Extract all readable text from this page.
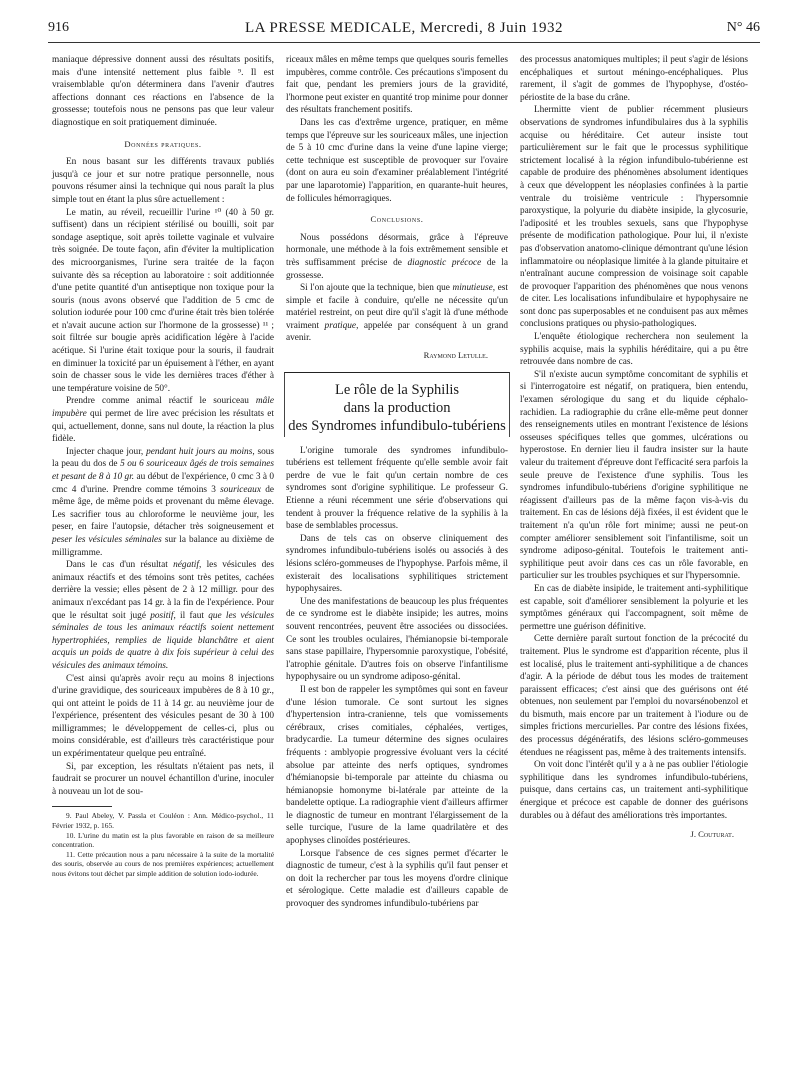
916	LA PRESSE MEDICALE, Mercredi, 8 Juin 1932	N° 46

maniaque dépressive donnent aussi des résultats positifs, mais d'une intensité nettement plus faible ⁹. Il est vraisemblable qu'on déterminera dans l'avenir d'autres affections donnant ces réactions en l'absence de la grossesse; toutefois nous ne pensons pas que leur valeur diagnostique en soit pratiquement diminuée.

Données pratiques.

En nous basant sur les différents travaux publiés jusqu'à ce jour et sur notre pratique personnelle, nous pouvons résumer ainsi la technique qui nous paraît la plus simple tout en étant la plus sûre actuellement :

Le matin, au réveil, recueillir l'urine ¹⁰ (40 à 50 gr. suffisent) dans un récipient stérilisé ou bouilli, soit par sondage aseptique, soit après toilette vaginale et vulvaire très soignée. De toute façon, afin d'éviter la multiplication des microorganismes, l'urine sera traitée de la façon suivante dès sa réception au laboratoire : soit additionnée d'une petite quantité d'un antiseptique non toxique pour la souris (nous avons observé que l'addition de 5 cmc de solution iodurée pour 100 cmc d'urine était très bien tolérée et n'avait aucune action sur l'hormone de la grossesse) ¹¹ ; soit filtrée sur bougie après acidification légère à l'acide acétique. Si l'urine était toxique pour la souris, il faudrait en diminuer la toxicité par un épuisement à l'éther, en ayant soin de chasser sous le vide les dernières traces d'éther à une température voisine de 50°.

Prendre comme animal réactif le souriceau mâle impubère qui permet de lire avec précision les résultats et qui, actuellement, donne, sans nul doute, la réaction la plus fidèle.

Injecter chaque jour, pendant huit jours au moins, sous la peau du dos de 5 ou 6 souriceaux âgés de trois semaines et pesant de 8 à 10 gr. au début de l'expérience, 0 cmc 3 à 0 cmc 4 d'urine. Prendre comme témoins 3 souriceaux de même âge, de même poids et provenant du même élevage. Les sacrifier tous au chloroforme le neuvième jour, les peser, en faire l'autopsie, détacher très soigneusement et peser les vésicules séminales sur la balance au dixième de milligramme.

Dans le cas d'un résultat négatif, les vésicules des animaux réactifs et des témoins sont très petites, cachées derrière la vessie; elles pèsent de 2 à 12 milligr. pour des animaux n'excédant pas 14 gr. à la fin de l'expérience. Pour que le résultat soit jugé positif, il faut que les vésicules séminales de tous les animaux réactifs soient nettement hypertrophiées, remplies de liquide blanchâtre et aient acquis un poids de quatre à dix fois supérieur à celui des vésicules des animaux témoins.

C'est ainsi qu'après avoir reçu au moins 8 injections d'urine gravidique, des souriceaux impubères de 8 à 10 gr., qui ont atteint le poids de 11 à 14 gr. au neuvième jour de l'expérience, présentent des vésicules pesant de 30 à 100 milligrammes; le développement de celles-ci, plus ou moins considérable, est d'ailleurs très caractéristique pour un expérimentateur quelque peu entraîné.

Si, par exception, les résultats n'étaient pas nets, il faudrait se procurer un nouvel échantillon d'urine, inoculer à nouveau un lot de sou-

9. Paul Abeley, V. Passla et Couléon : Ann. Médico-psychol., 11 Février 1932, p. 165.

10. L'urine du matin est la plus favorable en raison de sa meilleure concentration.

11. Cette précaution nous a paru nécessaire à la suite de la mortalité des souris, observée au cours de nos premières expériences; actuellement nous évitons tout déchet par simple addition de solution iodo-iodurée.

riceaux mâles en même temps que quelques souris femelles impubères, comme contrôle. Ces précautions s'imposent du fait que, pendant les premiers jours de la gravidité, l'hormone peut exister en quantité trop minime pour donner des résultats franchement positifs.

Dans les cas d'extrême urgence, pratiquer, en même temps que l'épreuve sur les souriceaux mâles, une injection de 5 à 10 cmc d'urine dans la veine d'une lapine vierge; cette technique est susceptible de provoquer sur l'ovaire (dont on aura eu soin d'examiner préalablement l'intégrité par une laparotomie) l'apparition, en quarante-huit heures, de follicules hémorragiques.

Conclusions.

Nous possédons désormais, grâce à l'épreuve hormonale, une méthode à la fois extrêmement sensible et très suffisamment précise de diagnostic précoce de la grossesse.

Si l'on ajoute que la technique, bien que minutieuse, est simple et facile à conduire, qu'elle ne nécessite qu'un matériel restreint, on peut dire qu'il s'agit là d'une méthode vraiment pratique, appelée par conséquent à un grand avenir.

Raymond Letulle.
Le rôle de la Syphilis
dans la production
des Syndromes infundibulo-tubériens

L'origine tumorale des syndromes infundibulo-tubériens est tellement fréquente qu'elle semble avoir fait perdre de vue le fait qu'un certain nombre de ces syndromes sont d'origine syphilitique. Le professeur G. Etienne a réuni récemment une série d'observations qui tendent à prouver la fréquence relative de la syphilis à la base de semblables processus.

Dans de tels cas on observe cliniquement des syndromes infundibulo-tubériens isolés ou associés à des lésions scléro-gommeuses de l'hypophyse. Parfois même, il existerait des localisations syphilitiques strictement hypophysaires.

Une des manifestations de beaucoup les plus fréquentes de ce syndrome est le diabète insipide; les autres, moins souvent rencontrées, peuvent être associées ou dissociées. Ce sont les troubles oculaires, l'hémianopsie bi-temporale sans stase papillaire, l'hypersomnie paroxystique, l'obésité, l'atrophie génitale. D'autres fois on observe l'infantilisme hypophysaire ou un syndrome adiposo-génital.

Il est bon de rappeler les symptômes qui sont en faveur d'une lésion tumorale. Ce sont surtout les signes d'hypertension intra-cranienne, tels que vomissements cérébraux, crises comitiales, céphalées, vertiges, bradycardie. La tumeur détermine des signes oculaires fréquents : amblyopie progressive évoluant vers la cécité absolue par atteinte des nerfs optiques, syndromes d'hémianopsie bi-temporale par atteinte du chiasma ou hémianopsie homonyme bi-latérale par atteinte de la bandelette optique. La radiographie vient d'ailleurs affirmer le diagnostic de tumeur en montrant l'élargissement de la selle turcique, l'usure de la lame quadrilatère et des apophyses clinoïdes postérieures.

Lorsque l'absence de ces signes permet d'écarter le diagnostic de tumeur, c'est à la syphilis qu'il faut penser et on doit la rechercher par tous les moyens d'ordre clinique et sérologique. Cette maladie est d'ailleurs capable de provoquer des syndromes infundibulo-tubériens par

des processus anatomiques multiples; il peut s'agir de lésions encéphaliques et surtout méningo-encéphaliques. Plus rarement, il s'agit de gommes de l'hypophyse, d'ostéo-périostite de la base du crâne.

Lhermitte vient de publier récemment plusieurs observations de syndromes infundibulaires dus à la syphilis acquise ou héréditaire. Cet auteur insiste tout particulièrement sur le fait que le processus syphilitique strictement localisé à la région infundibulo-tubérienne est capable de produire des phénomènes absolument identiques à ceux que développent les néoplasies confinées à la partie ventrale du troisième ventricule : l'hypersomnie paroxystique, la polyurie du diabète insipide, la glycosurie, l'adiposité et les troubles sexuels, sans que l'hypophyse présente de modification pathologique. Pour lui, il n'existe pas d'observation anatomo-clinique démontrant qu'une lésion inflammatoire ou néoplasique limitée à la glande pituitaire et n'entraînant aucune compression de voisinage soit capable de provoquer l'apparition des phénomènes que nous venons de citer. Les localisations infundibulaire et hypophysaire ne sont donc pas superposables et ne conduisent pas aux mêmes conclusions pratiques ou physio-pathologiques.

L'enquête étiologique recherchera non seulement la syphilis acquise, mais la syphilis héréditaire, qui a pu être retrouvée dans nombre de cas.

S'il n'existe aucun symptôme concomitant de syphilis et si l'interrogatoire est négatif, on pratiquera, bien entendu, l'examen sérologique du sang et du liquide céphalo-rachidien. La radiographie du crâne elle-même peut donner des renseignements utiles en montrant l'existence de lésions osseuses spécifiques telles que gommes, ulcérations ou hyperostose. En dernier lieu il faudra insister sur la haute valeur du traitement d'épreuve dont l'efficacité sera parfois la seule preuve de l'existence d'une syphilis. Tous les syndromes infundibulo-tubériens d'origine syphilitique ne réagissent d'ailleurs pas de la même façon vis-à-vis du traitement. En cas de lésions déjà fixées, il est évident que le traitement n'a qu'un rôle fort minime; aussi ne peut-on compter améliorer sensiblement soit l'infantilisme, soit un syndrome adiposo-génital. Toutefois le traitement anti-syphilitique peut avoir dans ces cas un rôle favorable, en particulier sur les troubles psychiques et sur l'hypersomnie.

En cas de diabète insipide, le traitement anti-syphilitique est capable, soit d'améliorer sensiblement la polyurie et les symptômes généraux qui l'accompagnent, soit même de permettre une guérison définitive.

Cette dernière paraît surtout fonction de la précocité du traitement. Plus le syndrome est d'apparition récente, plus il est localisé, plus le traitement anti-syphilitique a de chances d'agir. A la période de début tous les modes de traitement paraissent efficaces; c'est ainsi que des guérisons ont été obtenues, non seulement par l'emploi du novarsénobenzol et du bismuth, mais encore par un traitement à l'iodure ou de simples frictions mercurielles. Par contre des lésions fixées, des processus dégénératifs, des lésions scléro-gommeuses étendues ne réagissent pas, même à des traitements intensifs.

On voit donc l'intérêt qu'il y a à ne pas oublier l'étiologie syphilitique dans les syndromes infundibulo-tubériens, puisque, dans certains cas, un traitement anti-syphilitique énergique et précoce est capable de donner des guérisons durables ou à défaut des améliorations très importantes.

J. Couturat.
